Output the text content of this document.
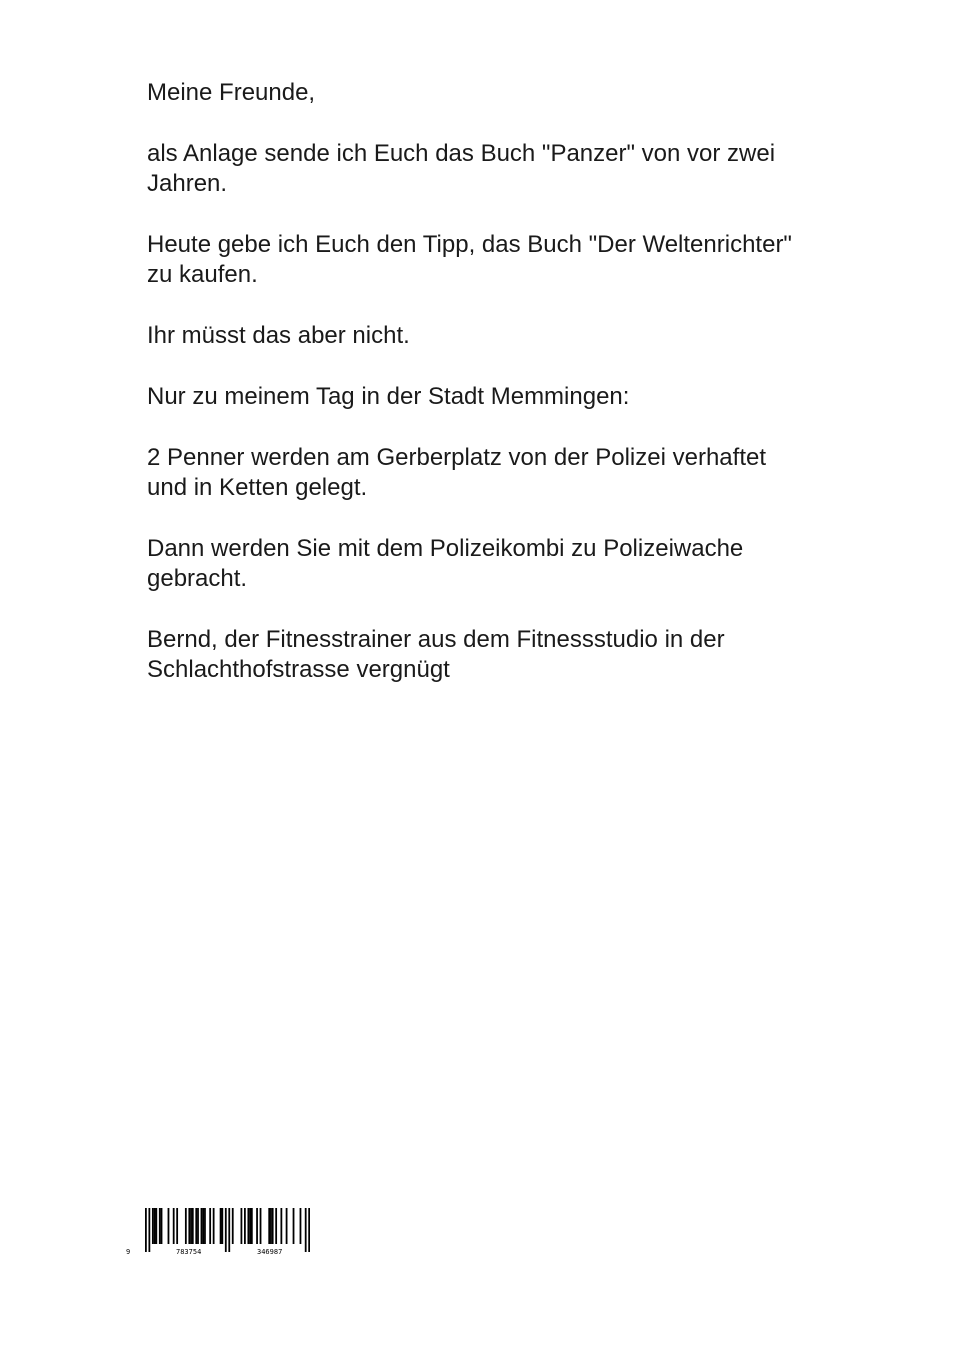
Meine Freunde,

als Anlage sende ich Euch das Buch "Panzer" von vor zwei
Jahren.

Heute gebe ich Euch den Tipp, das Buch "Der Weltenrichter"
zu kaufen.

Ihr müsst das aber nicht.

Nur zu meinem Tag in der Stadt Memmingen:

2 Penner werden am Gerberplatz von der Polizei verhaftet
und in Ketten gelegt.

Dann werden Sie mit dem Polizeikombi zu Polizeiwache
gebracht.

Bernd, der Fitnesstrainer aus dem Fitnessstudio in der
Schlachthofstrasse vergnügt

9	783754	346987
